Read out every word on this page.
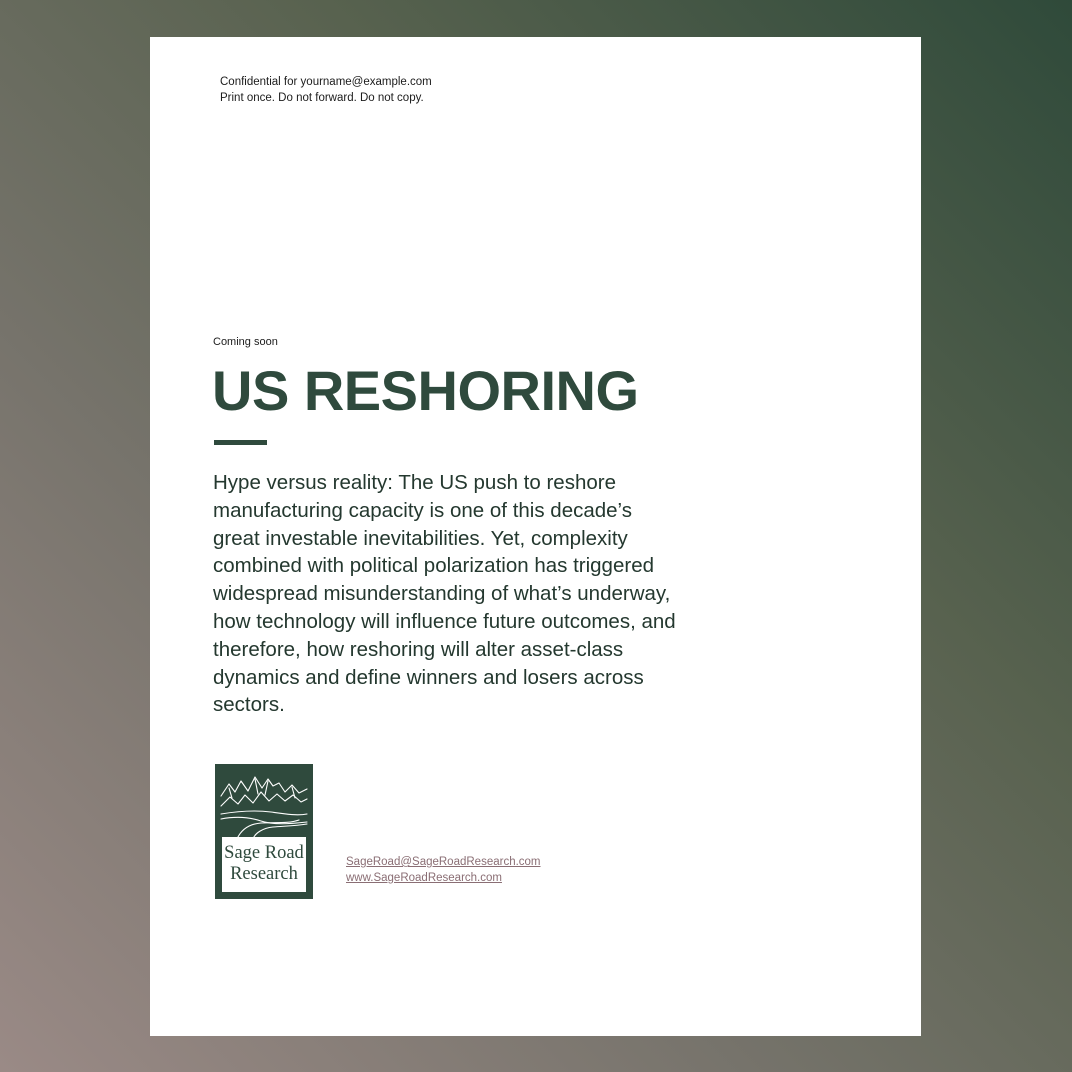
Confidential for yourname@example.com
Print once. Do not forward. Do not copy.
Coming soon
US RESHORING

Hype versus reality: The US push to reshore manufacturing capacity is one of this decade’s great investable inevitabilities. Yet, complexity combined with political polarization has triggered widespread misunderstanding of what’s underway, how technology will influence future outcomes, and therefore, how reshoring will alter asset-class dynamics and define winners and losers across sectors.

Sage Road
Research
SageRoad@SageRoadResearch.com
www.SageRoadResearch.com
